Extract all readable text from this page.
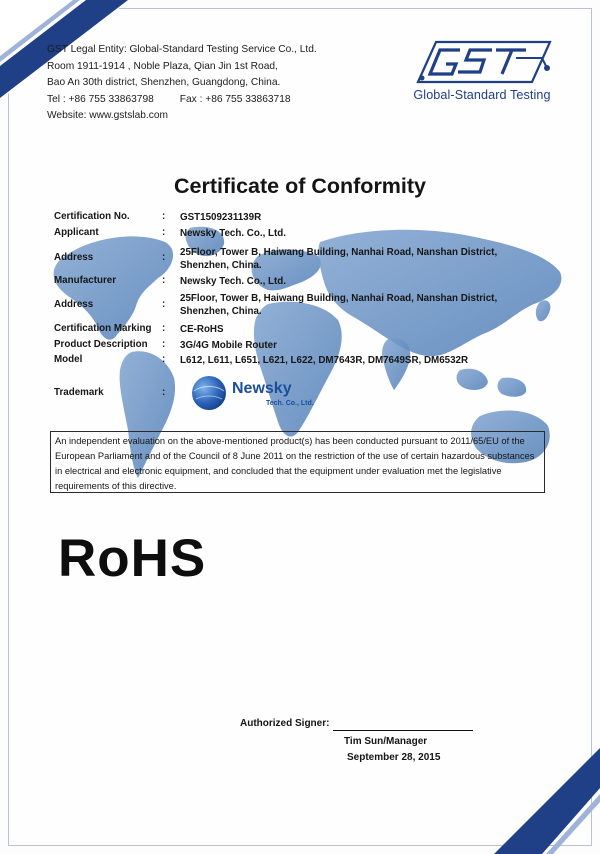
GST Legal Entity: Global-Standard Testing Service Co., Ltd.
Room 1911-1914 , Noble Plaza, Qian Jin 1st Road,
Bao An 30th district, Shenzhen, Guangdong, China.
Tel : +86 755 33863798	Fax : +86 755 33863718
Website: www.gstslab.com
Global-Standard Testing
Certificate of Conformity
Certification No.	:	GST1509231139R
Applicant	:	Newsky Tech. Co., Ltd.
Address	:	25Floor, Tower B, Haiwang Building, Nanhai Road, Nanshan District,
Shenzhen, China.
Manufacturer	:	Newsky Tech. Co., Ltd.
Address	:
25Floor, Tower B, Haiwang Building, Nanhai Road, Nanshan District,
Shenzhen, China.
Certification Marking	:	CE-RoHS
Product Description	:	3G/4G Mobile Router
Model	:	L612, L611, L651, L621, L622, DM7643R, DM7649SR, DM6532R
Trademark	:	Newsky
Tech. Co., Ltd.
An independent evaluation on the above-mentioned product(s) has been conducted pursuant to 2011/65/EU of the European Parliament and of the Council of 8 June 2011 on the restriction of the use of certain hazardous substances in electrical and electronic equipment, and concluded that the equipment under evaluation met the legislative requirements of this directive.
RoHS
Authorized Signer:
Tim Sun/Manager
September 28, 2015
